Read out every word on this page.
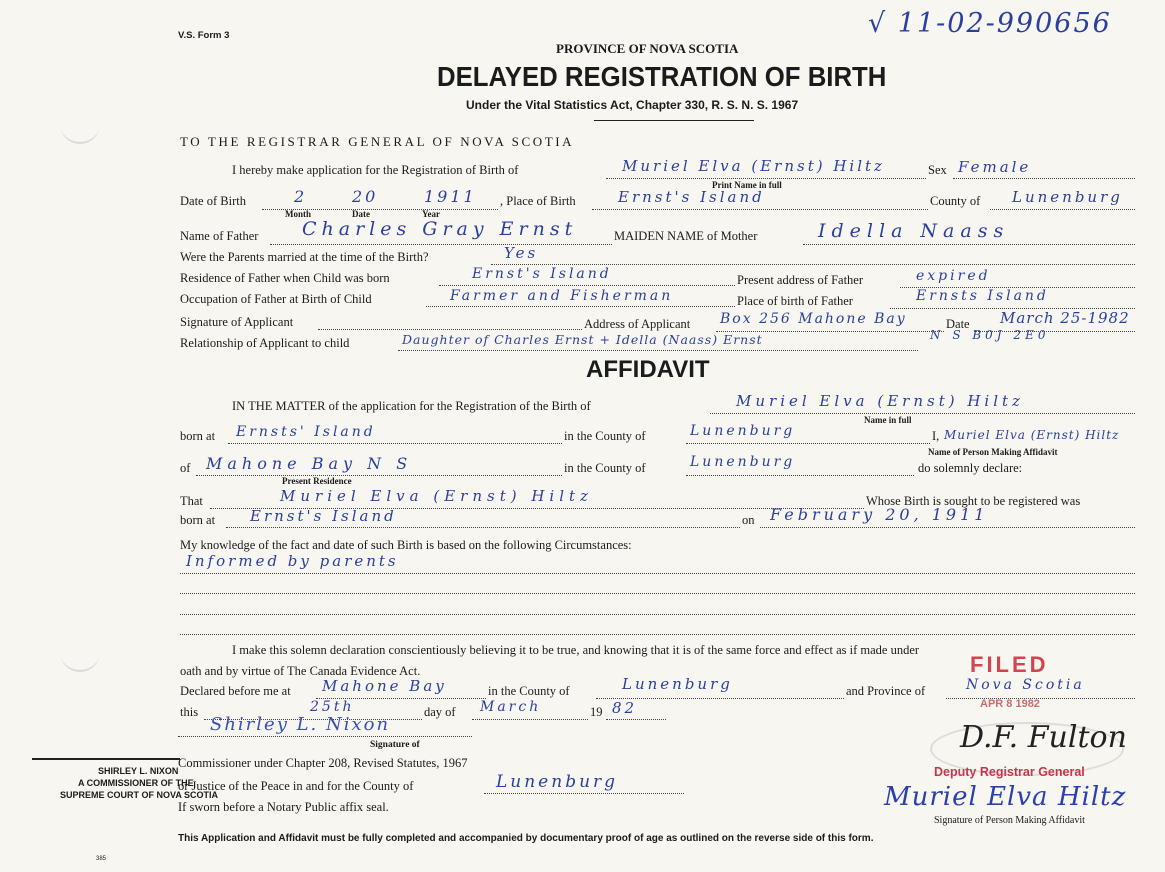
V.S. Form 3	√ 11-02-990656
PROVINCE OF NOVA SCOTIA
DELAYED REGISTRATION OF BIRTH
Under the Vital Statistics Act, Chapter 330, R. S. N. S. 1967
TO THE REGISTRAR GENERAL OF NOVA SCOTIA
I hereby make application for the Registration of Birth of	Muriel Elva (Ernst) Hiltz
Print Name in full
Sex Female
Date of Birth	2	20	1911
Month	Date	Year
, Place of Birth	Ernst's Island	County of Lunenburg
Name of Father Charles Gray Ernst	MAIDEN NAME of Mother	Idella Naass
Were the Parents married at the time of the Birth?	Yes
Residence of Father when Child was born	Ernst's Island	Present address of Father	expired
Occupation of Father at Birth of Child	Farmer and Fisherman	Place of birth of Father	Ernsts Island
Signature of Applicant	Address of Applicant Box 256 Mahone Bay	Date March 25-1982
Relationship of Applicant to child	Daughter of Charles Ernst + Idella (Naass) Ernst	N S B0J 2E0
AFFIDAVIT
IN THE MATTER of the application for the Registration of the Birth of	Muriel Elva (Ernst) Hiltz
Name in full
born at Ernsts' Island	in the County of	Lunenburg	I, Muriel Elva (Ernst) Hiltz
Name of Person Making Affidavit
of Mahone Bay N S
Present Residence
in the County of	Lunenburg	do solemnly declare:
That	Muriel Elva (Ernst) Hiltz	Whose Birth is sought to be registered was
born at Ernst's Island	on February 20, 1911
My knowledge of the fact and date of such Birth is based on the following Circumstances:
Informed by parents
I make this solemn declaration conscientiously believing it to be true, and knowing that it is of the same force and effect as if made under
oath and by virtue of The Canada Evidence Act.
Declared before me at Mahone Bay	in the County of	Lunenburg	and Province of	Nova Scotia
this	25th	day of March	19 82
Shirley L. Nixon
Signature of
SHIRLEY L. NIXON
A COMMISSIONER OF THE
SUPREME COURT OF NOVA SCOTIA
Commissioner under Chapter 208, Revised Statutes, 1967
or Justice of the Peace in and for the County of	Lunenburg
If sworn before a Notary Public affix seal.
FILED
APR 8 1982
D.F. Fulton
Deputy Registrar General
Muriel Elva Hiltz
Signature of Person Making Affidavit
This Application and Affidavit must be fully completed and accompanied by documentary proof of age as outlined on the reverse side of this form.
385
